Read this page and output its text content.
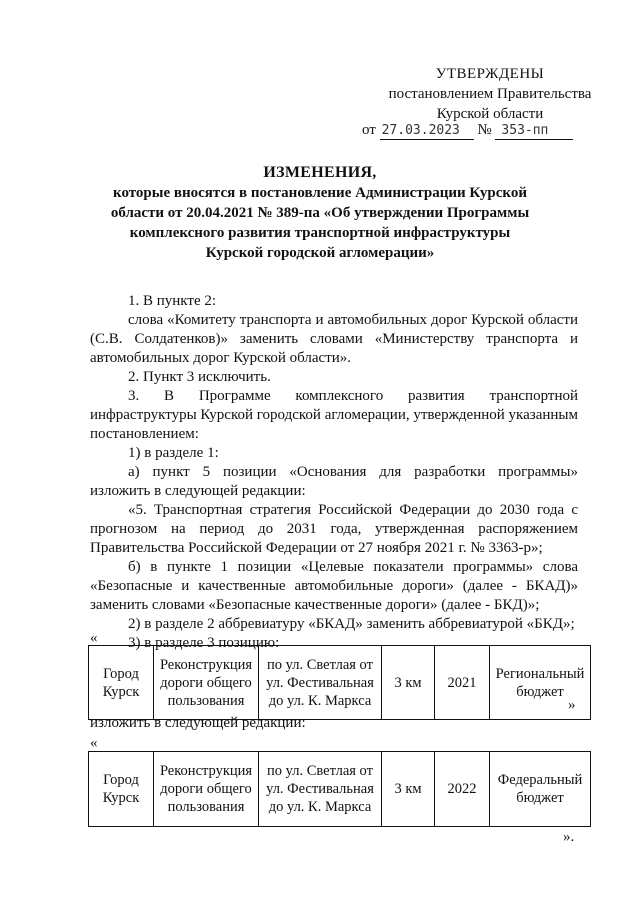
УТВЕРЖДЕНЫ
постановлением Правительства
Курской области
от 27.03.2023 № 353-пп
ИЗМЕНЕНИЯ,
которые вносятся в постановление Администрации Курской
области от 20.04.2021 № 389-па «Об утверждении Программы
комплексного развития транспортной инфраструктуры
Курской городской агломерации»

1. В пункте 2:

слова «Комитету транспорта и автомобильных дорог Курской области (С.В. Солдатенков)» заменить словами «Министерству транспорта и автомобильных дорог Курской области».

2. Пункт 3 исключить.

3. В Программе комплексного развития транспортной инфраструктуры Курской городской агломерации, утвержденной указанным постановлением:

1) в разделе 1:

а) пункт 5 позиции «Основания для разработки программы» изложить в следующей редакции:

«5. Транспортная стратегия Российской Федерации до 2030 года с прогнозом на период до 2031 года, утвержденная распоряжением Правительства Российской Федерации от 27 ноября 2021 г. № 3363-р»;

б) в пункте 1 позиции «Целевые показатели программы» слова «Безопасные и качественные автомобильные дороги» (далее - БКАД)» заменить словами «Безопасные качественные дороги» (далее - БКД)»;

2) в разделе 2 аббревиатуру «БКАД» заменить аббревиатурой «БКД»;

3) в разделе 3 позицию:

«
Город Курск	Реконструкция дороги общего пользования	по ул. Светлая от ул. Фестивальная до ул. К. Маркса	3 км	2021	Региональный бюджет
»
изложить в следующей редакции:
«
Город Курск	Реконструкция дороги общего пользования	по ул. Светлая от ул. Фестивальная до ул. К. Маркса	3 км	2022	Федеральный бюджет
».
